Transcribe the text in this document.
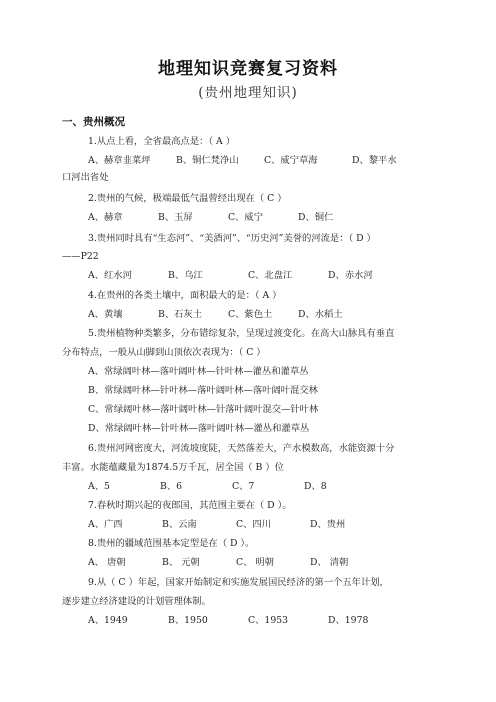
地理知识竞赛复习资料
(贵州地理知识)
一、贵州概况
1.从点上看，全省最高点是：（ A ）
A、赫章韭菜坪	B、铜仁梵净山	C、威宁草海	D、黎平水
口河出省处
2.贵州的气候，极端最低气温曾经出现在（ C ）
A、赫章	B、玉屏	C、威宁	D、铜仁
3.贵州同时具有“生态河”、“美酒河”、“历史河”美誉的河流是：（ D ）
——P22
A、红水河	B、乌江	C、北盘江	D、赤水河
4.在贵州的各类土壤中，面积最大的是：（ A ）
A、黄壤	B、石灰土	C、紫色土	D、水稻土
5.贵州植物种类繁多，分布错综复杂，呈现过渡变化。在高大山脉具有垂直
分布特点，一般从山脚到山顶依次表现为：（ C ）
A、常绿阔叶林—落叶阔叶林—针叶林—灌丛和灌草丛
B、常绿阔叶林—针叶林—落叶阔叶林—落叶阔叶混交林
C、常绿阔叶林—落叶阔叶林—针落叶阔叶混交—针叶林
D、常绿阔叶林—针叶林—落叶阔叶林—灌丛和灌草丛
6.贵州河网密度大，河流坡度陡，天然落差大，产水模数高，水能资源十分
丰富。水能蕴藏量为1874.5万千瓦，居全国（ B ）位
A、5	B、6	C、7	D、8
7.春秋时期兴起的夜郎国，其范围主要在（ D ）。
A、广西	B、云南	C、四川	D、贵州
8.贵州的疆域范围基本定型是在（ D ）。
A、 唐朝	B、 元朝	C、 明朝	D、 清朝
9.从（ C ）年起，国家开始制定和实施发展国民经济的第一个五年计划，
逐步建立经济建设的计划管理体制。
A、1949	B、1950	C、1953	D、1978
